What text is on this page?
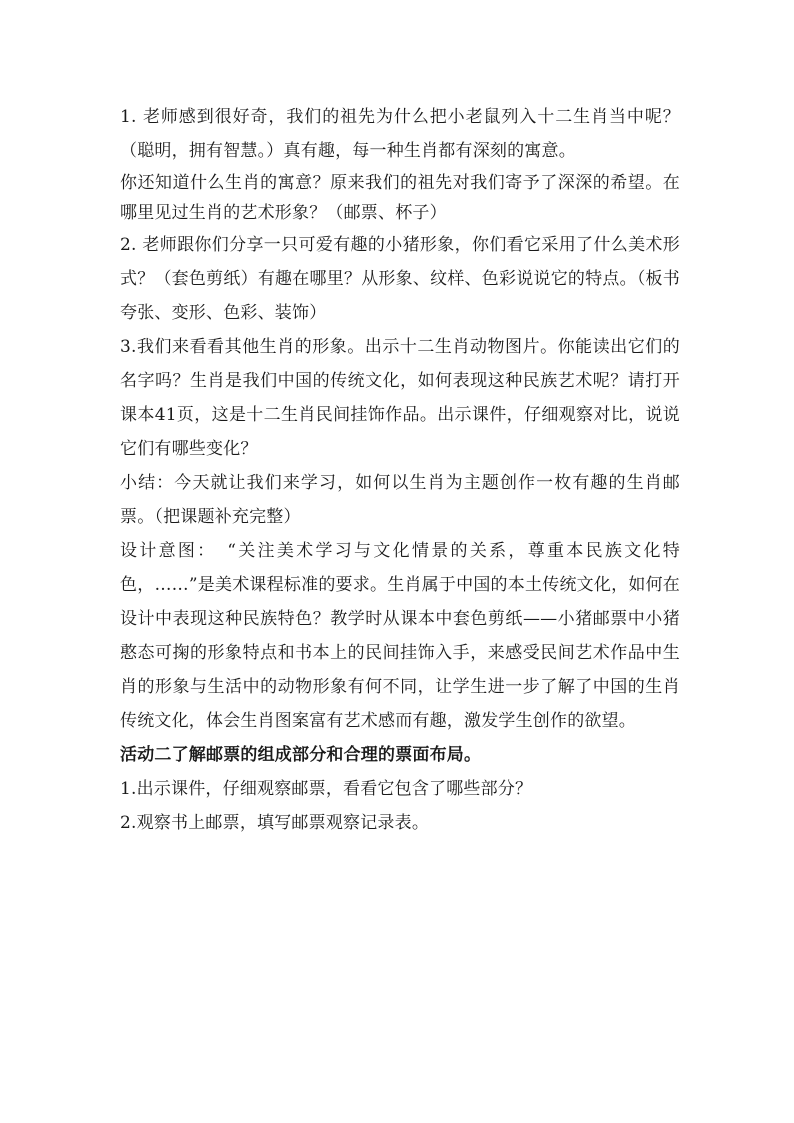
1. 老师感到很好奇，我们的祖先为什么把小老鼠列入十二生肖当中呢？（聪明，拥有智慧。）真有趣，每一种生肖都有深刻的寓意。

你还知道什么生肖的寓意？原来我们的祖先对我们寄予了深深的希望。在哪里见过生肖的艺术形象？（邮票、杯子）

2. 老师跟你们分享一只可爱有趣的小猪形象，你们看它采用了什么美术形式？（套色剪纸）有趣在哪里？从形象、纹样、色彩说说它的特点。（板书夸张、变形、色彩、装饰）

3.我们来看看其他生肖的形象。出示十二生肖动物图片。你能读出它们的名字吗？生肖是我们中国的传统文化，如何表现这种民族艺术呢？请打开课本41页，这是十二生肖民间挂饰作品。出示课件，仔细观察对比，说说它们有哪些变化？

小结：今天就让我们来学习，如何以生肖为主题创作一枚有趣的生肖邮票。（把课题补充完整）

设计意图：　“关注美术学习与文化情景的关系，尊重本民族文化特色，……”是美术课程标准的要求。生肖属于中国的本土传统文化，如何在设计中表现这种民族特色？教学时从课本中套色剪纸——小猪邮票中小猪憨态可掬的形象特点和书本上的民间挂饰入手，来感受民间艺术作品中生肖的形象与生活中的动物形象有何不同，让学生进一步了解了中国的生肖传统文化，体会生肖图案富有艺术感而有趣，激发学生创作的欲望。

活动二了解邮票的组成部分和合理的票面布局。

1.出示课件，仔细观察邮票，看看它包含了哪些部分？

2.观察书上邮票，填写邮票观察记录表。
